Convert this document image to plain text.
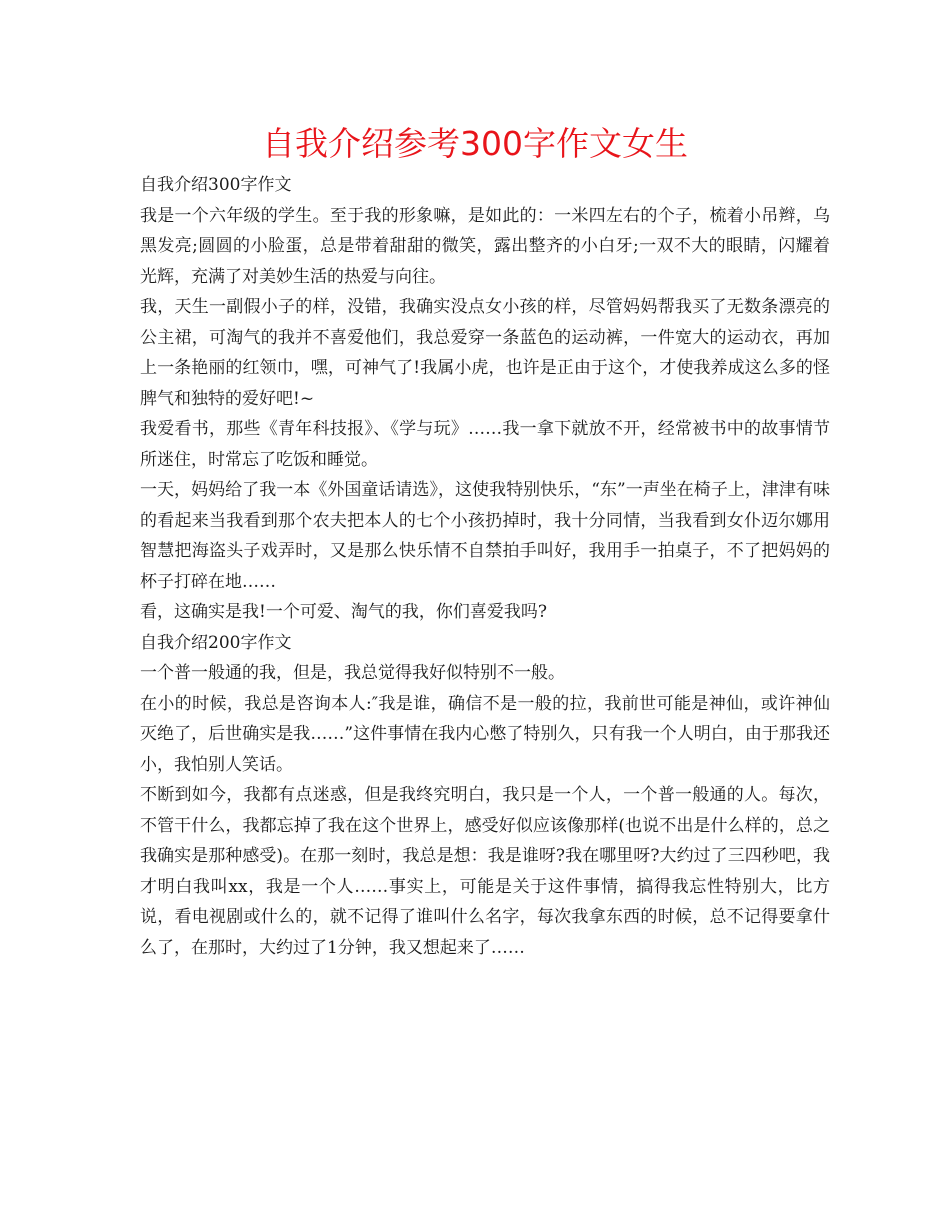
自我介绍参考300字作文女生

自我介绍300字作文

我是一个六年级的学生。至于我的形象嘛，是如此的：一米四左右的个子，梳着小吊辫，乌黑发亮;圆圆的小脸蛋，总是带着甜甜的微笑，露出整齐的小白牙;一双不大的眼睛，闪耀着光辉，充满了对美妙生活的热爱与向往。

我，天生一副假小子的样，没错，我确实没点女小孩的样，尽管妈妈帮我买了无数条漂亮的公主裙，可淘气的我并不喜爱他们，我总爱穿一条蓝色的运动裤，一件宽大的运动衣，再加上一条艳丽的红领巾，嘿，可神气了!我属小虎，也许是正由于这个，才使我养成这么多的怪脾气和独特的爱好吧!~

我爱看书，那些《青年科技报》、《学与玩》……我一拿下就放不开，经常被书中的故事情节所迷住，时常忘了吃饭和睡觉。

一天，妈妈给了我一本《外国童话请选》，这使我特别快乐，“东”一声坐在椅子上，津津有味的看起来当我看到那个农夫把本人的七个小孩扔掉时，我十分同情，当我看到女仆迈尔娜用智慧把海盗头子戏弄时，又是那么快乐情不自禁拍手叫好，我用手一拍桌子，不了把妈妈的杯子打碎在地……

看，这确实是我!一个可爱、淘气的我，你们喜爱我吗?

自我介绍200字作文

一个普一般通的我，但是，我总觉得我好似特别不一般。

在小的时候，我总是咨询本人:″我是谁，确信不是一般的拉，我前世可能是神仙，或许神仙灭绝了，后世确实是我……”这件事情在我内心憋了特别久，只有我一个人明白，由于那我还小，我怕别人笑话。

不断到如今，我都有点迷惑，但是我终究明白，我只是一个人，一个普一般通的人。每次，不管干什么，我都忘掉了我在这个世界上，感受好似应该像那样(也说不出是什么样的，总之我确实是那种感受)。在那一刻时，我总是想：我是谁呀?我在哪里呀?大约过了三四秒吧，我才明白我叫xx，我是一个人……事实上，可能是关于这件事情，搞得我忘性特别大，比方说，看电视剧或什么的，就不记得了谁叫什么名字，每次我拿东西的时候，总不记得要拿什么了，在那时，大约过了1分钟，我又想起来了……
